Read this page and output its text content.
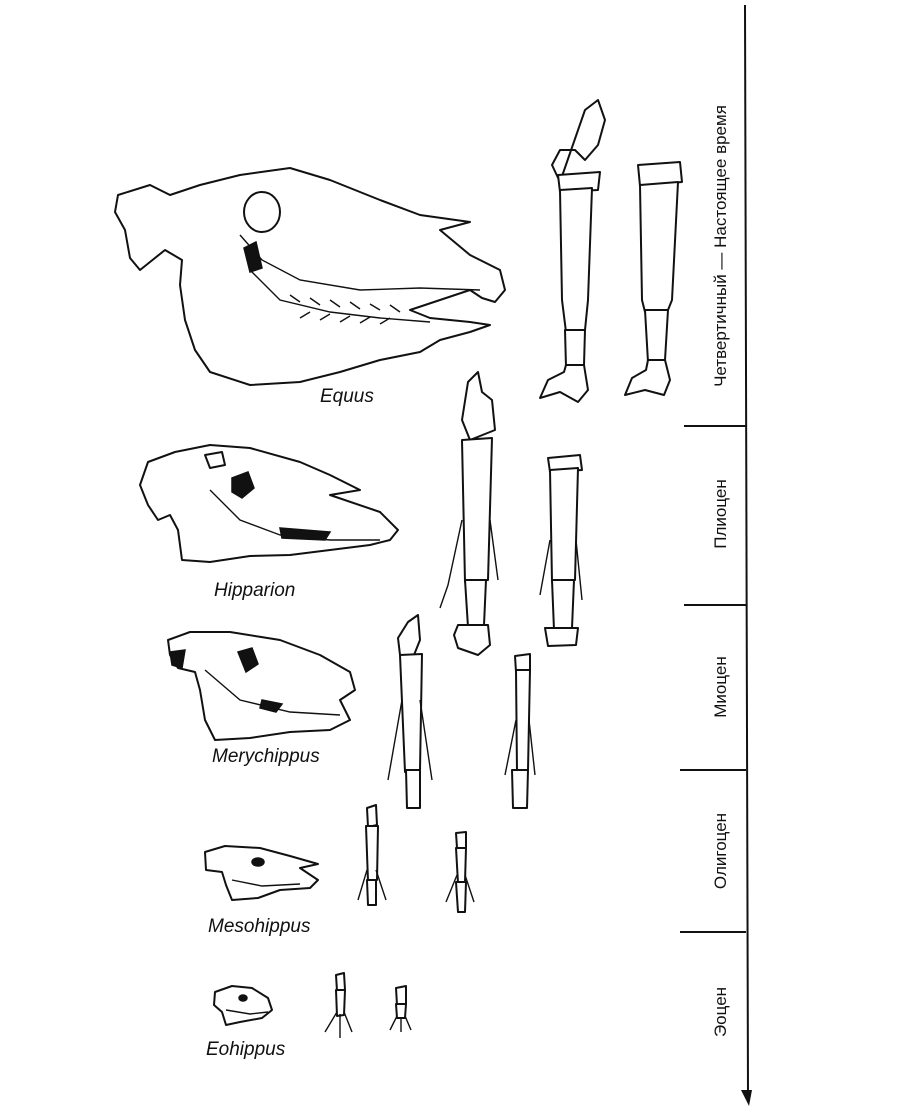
Equus
Hipparion
Merychippus
Mesohippus
Eohippus
Четвертичный — Настоящее время
Плиоцен
Миоцен
Олигоцен
Эоцен
